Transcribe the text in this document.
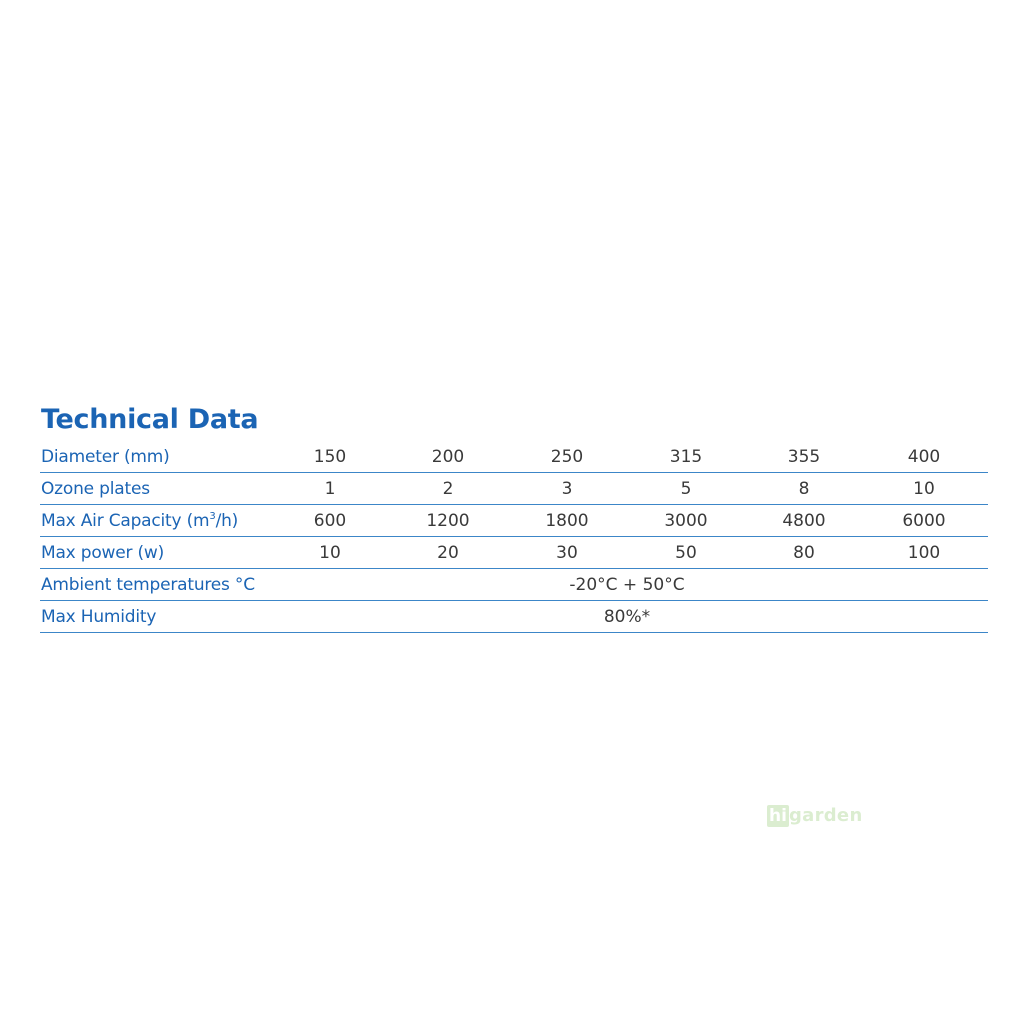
Technical Data
Diameter (mm)	150	200	250	315	355	400
Ozone plates	1	2	3	5	8	10
Max Air Capacity $(m^3/h)$	600	1200	1800	3000	4800	6000
Max power (w)	10	20	30	50	80	100
Ambient temperatures °C	-20°C + 50°C
Max Humidity	80%*
hi garden
